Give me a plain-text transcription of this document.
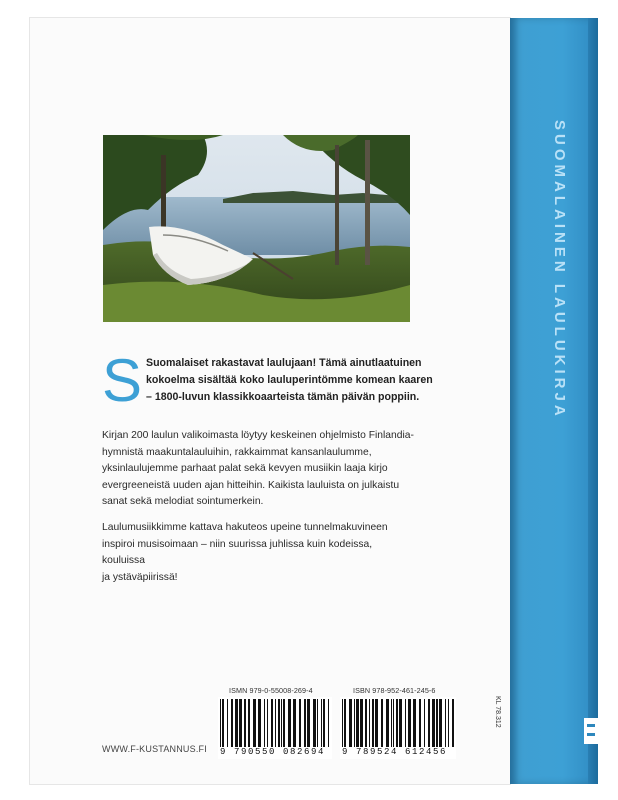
SUOMALAINEN LAULUKIRJA
S Suomalaiset rakastavat laulujaan! Tämä ainutlaatuinen
kokoelma sisältää koko lauluperintömme komean kaaren
– 1800-luvun klassikkoaarteista tämän päivän poppiin.
Kirjan 200 laulun valikoimasta löytyy keskeinen ohjelmisto Finlandia-
hymnistä maakuntalauluihin, rakkaimmat kansanlaulumme,
yksinlaulujemme parhaat palat sekä kevyen musiikin laaja kirjo
evergreeneistä uuden ajan hitteihin. Kaikista lauluista on julkaistu
sanat sekä melodiat sointumerkein.
Laulumusiikkimme kattava hakuteos upeine tunnelmakuvineen
inspiroi musisoimaan – niin suurissa juhlissa kuin kodeissa, kouluissa
ja ystäväpiirissä!
ISMN 979-0-55008-269-4	ISBN 978-952-461-245-6
9 790550 082694 9 789524 612456
KL 78.312
WWW.F-KUSTANNUS.FI
